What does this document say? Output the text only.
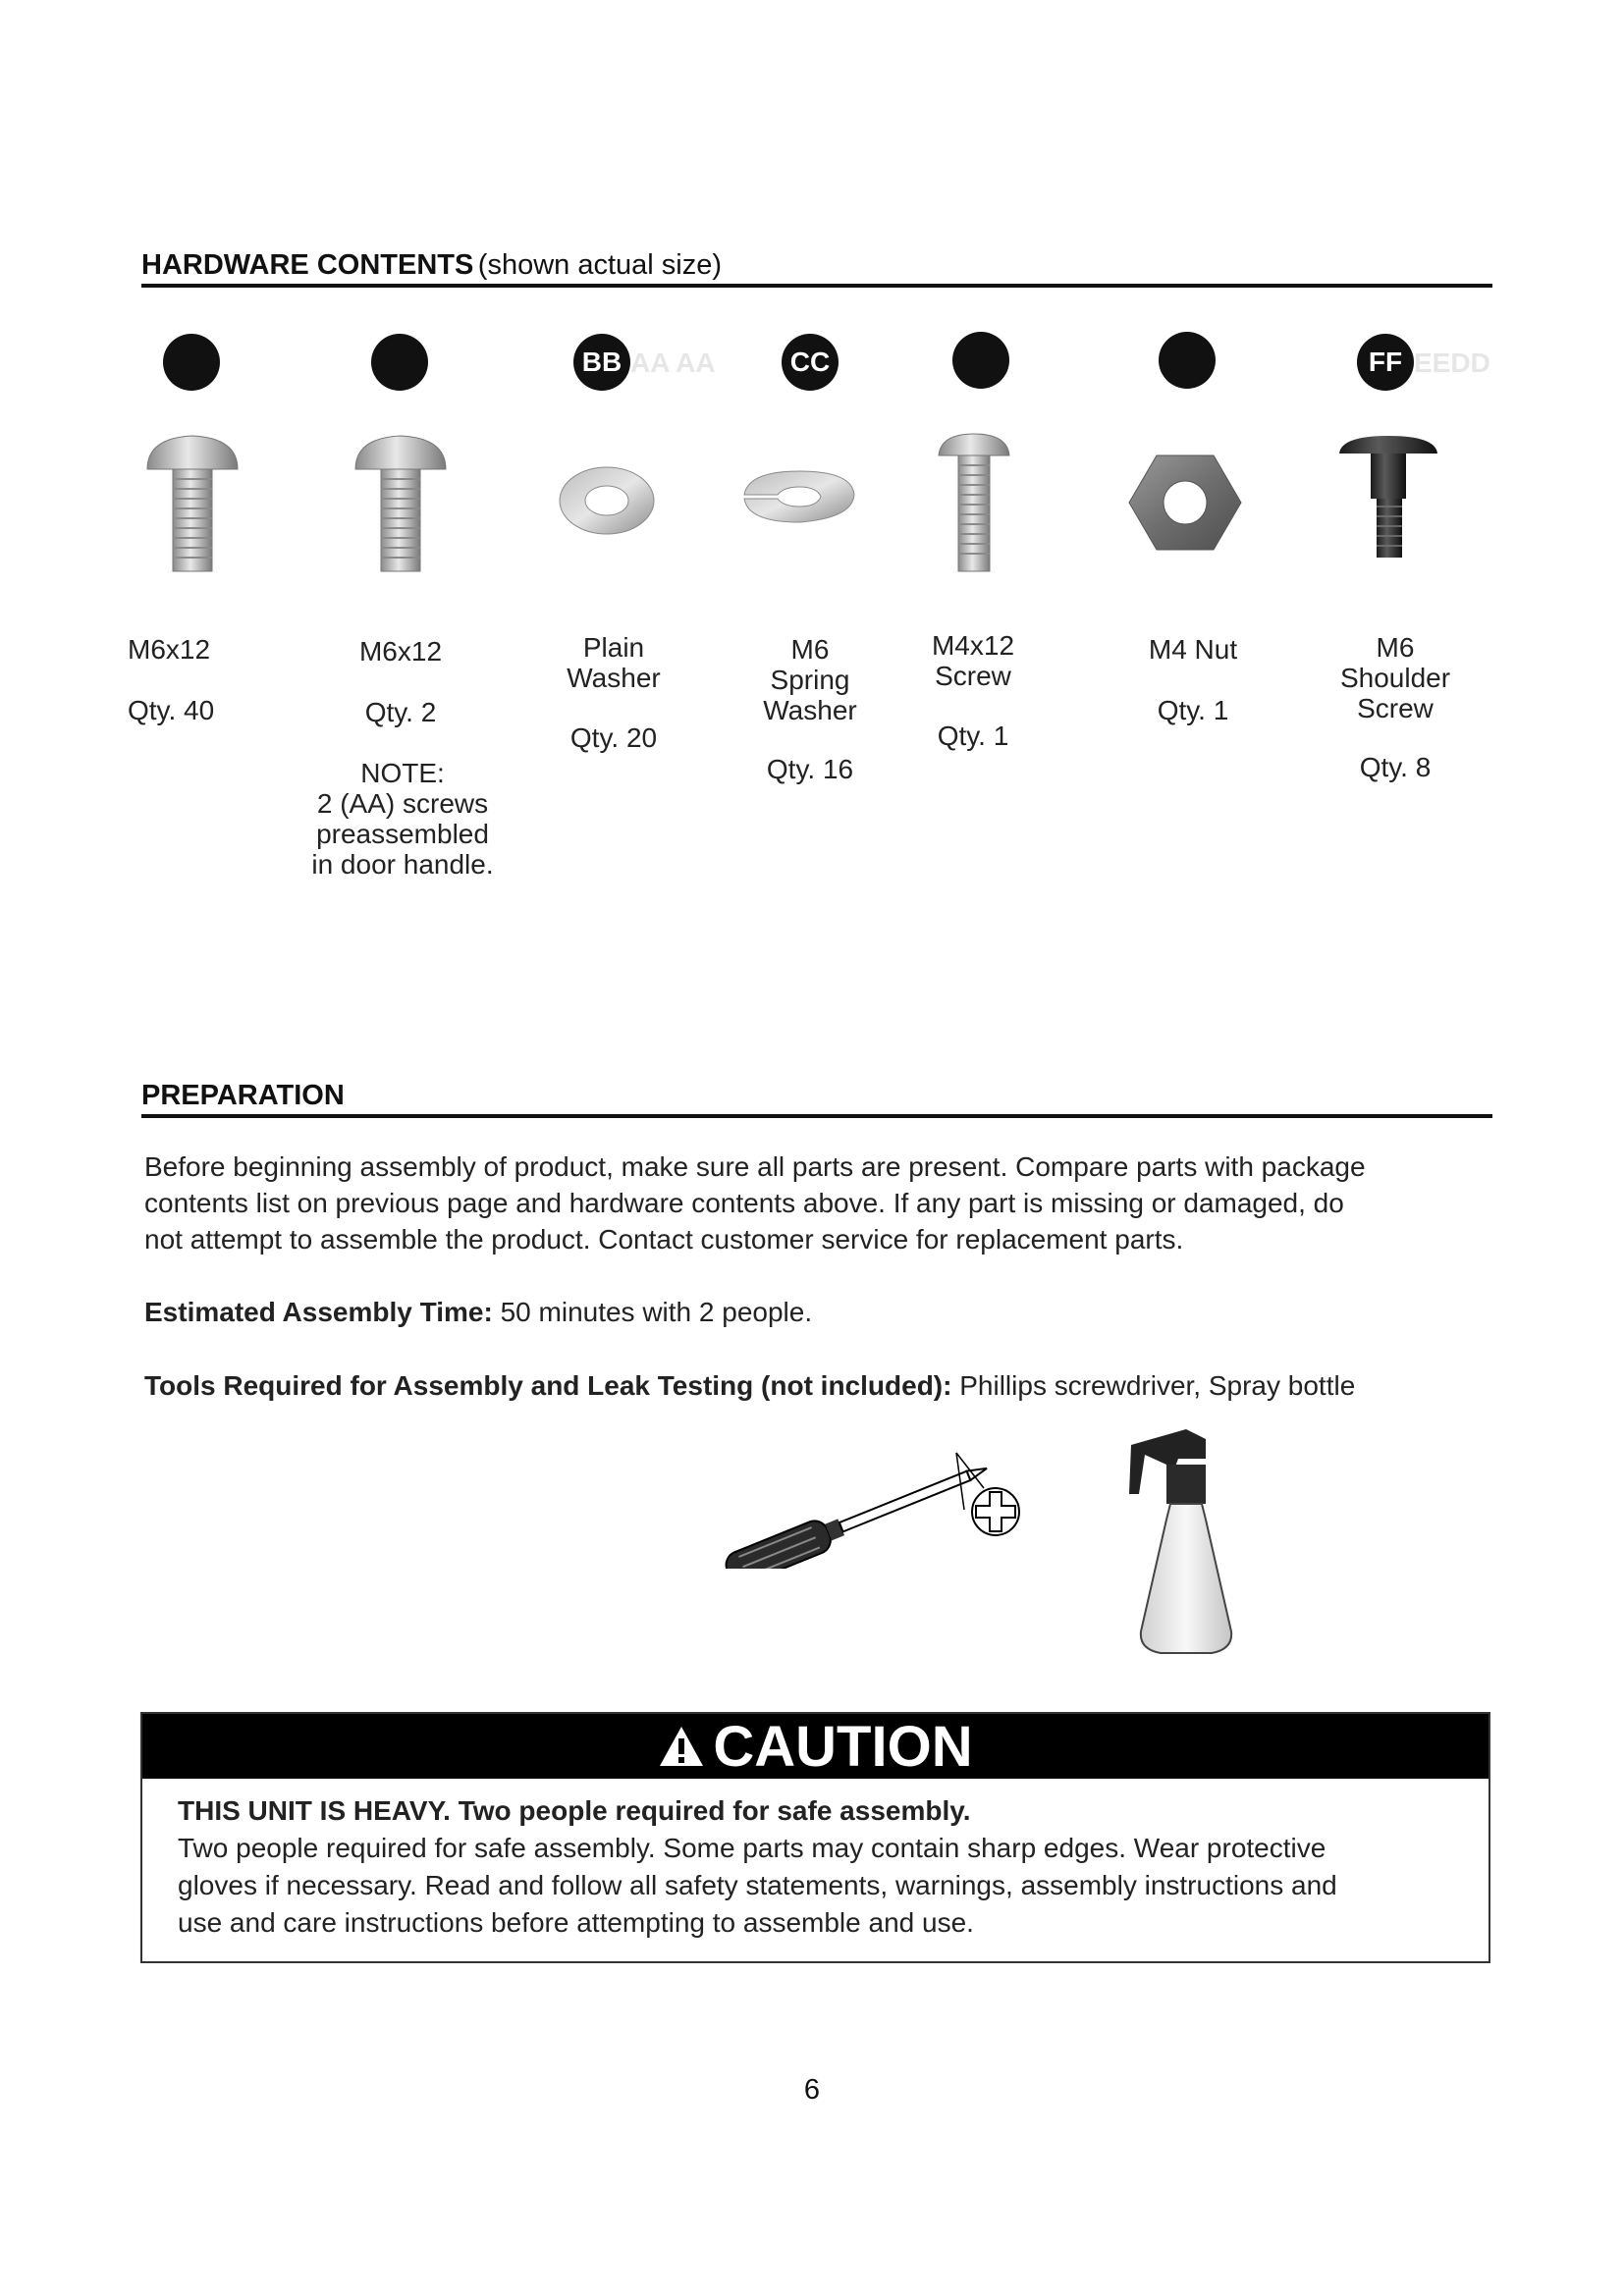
HARDWARE CONTENTS (shown actual size)
M6x12
Qty. 40
M6x12
Qty. 2
NOTE:
2 (AA) screws
preassembled
in door handle.
BB AA AA
Plain
Washer
Qty. 20
CC
M6
Spring
Washer
Qty. 16
M4x12
Screw
Qty. 1
M4 Nut
Qty. 1
FF EEDD
M6
Shoulder
Screw
Qty. 8
PREPARATION
Before beginning assembly of product, make sure all parts are present. Compare parts with package
contents list on previous page and hardware contents above. If any part is missing or damaged, do
not attempt to assemble the product. Contact customer service for replacement parts.
Estimated Assembly Time: 50 minutes with 2 people.
Tools Required for Assembly and Leak Testing (not included): Phillips screwdriver, Spray bottle
CAUTION
THIS UNIT IS HEAVY. Two people required for safe assembly.
Two people required for safe assembly. Some parts may contain sharp edges. Wear protective
gloves if necessary. Read and follow all safety statements, warnings, assembly instructions and
use and care instructions before attempting to assemble and use.
6
